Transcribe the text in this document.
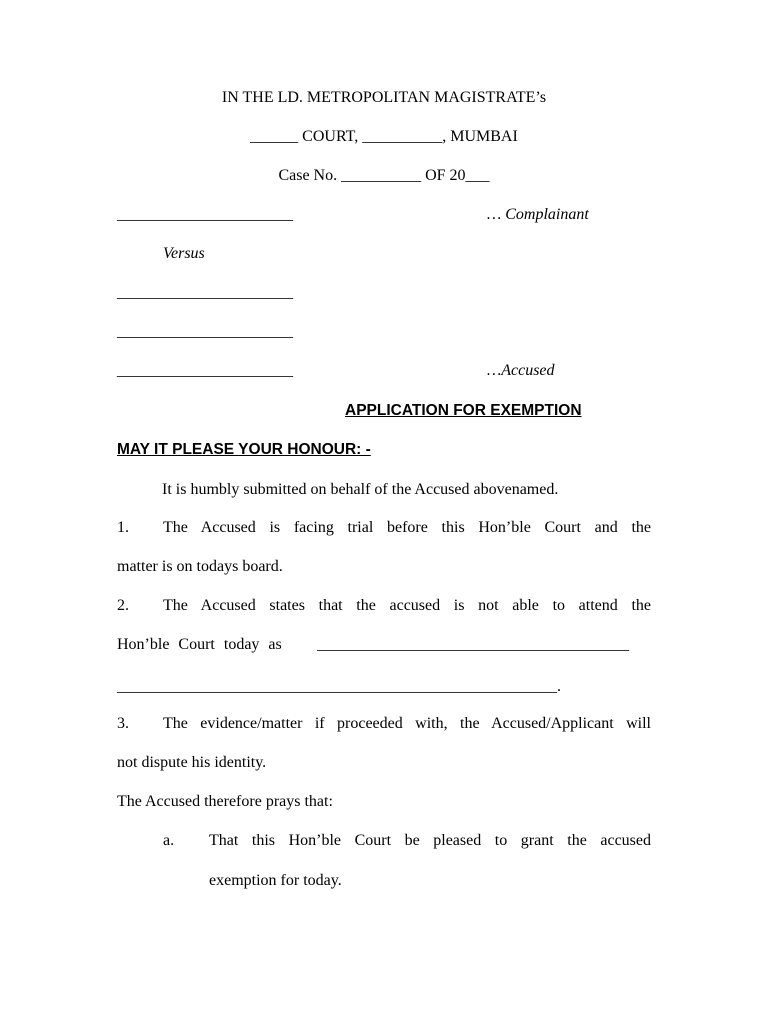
IN THE LD. METROPOLITAN MAGISTRATE’s
______ COURT, __________, MUMBAI
Case No. __________ OF 20___
______________________	… Complainant
Versus
______________________
______________________
______________________	…Accused
APPLICATION FOR EXEMPTION
MAY IT PLEASE YOUR HONOUR: -
It is humbly submitted on behalf of the Accused abovenamed.
1. The Accused is facing trial before this Hon’ble Court and the
matter is on todays board.
2. The Accused states that the accused is not able to attend the
Hon’ble Court today as _______________________________________
_______________________________________________________.
3. The evidence/matter if proceeded with, the Accused/Applicant will
not dispute his identity.
The Accused therefore prays that:
a. That this Hon’ble Court be pleased to grant the accused
exemption for today.
